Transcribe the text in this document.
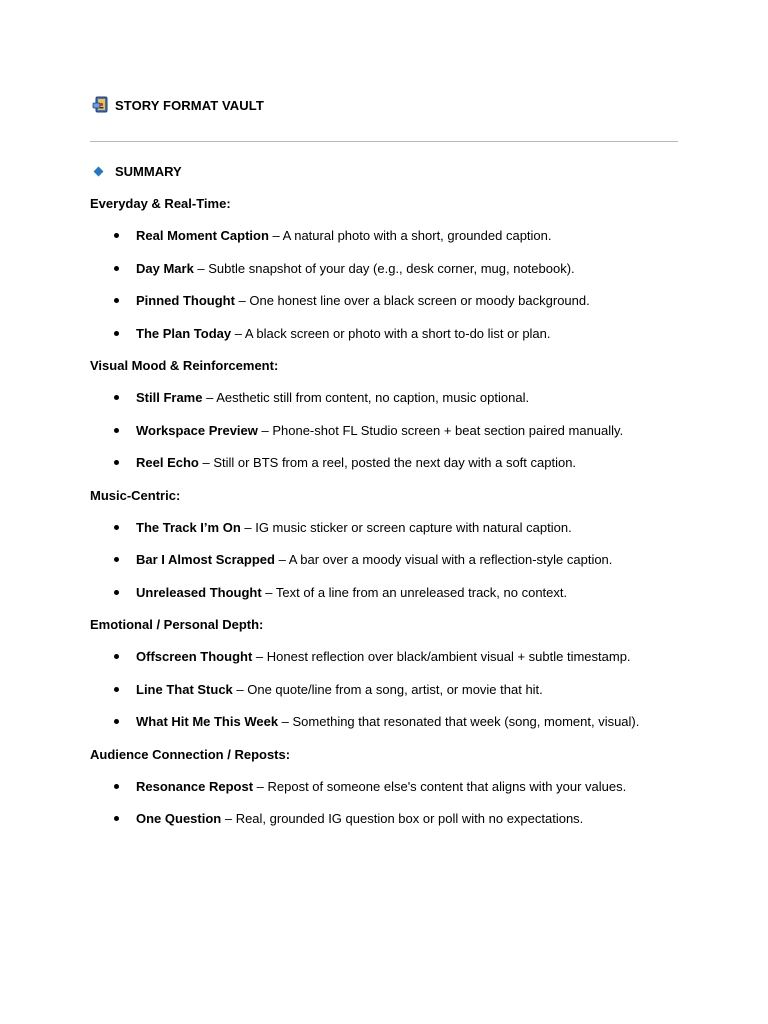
STORY FORMAT VAULT
SUMMARY
Everyday & Real-Time:
Real Moment Caption – A natural photo with a short, grounded caption.
Day Mark – Subtle snapshot of your day (e.g., desk corner, mug, notebook).
Pinned Thought – One honest line over a black screen or moody background.
The Plan Today – A black screen or photo with a short to-do list or plan.
Visual Mood & Reinforcement:
Still Frame – Aesthetic still from content, no caption, music optional.
Workspace Preview – Phone-shot FL Studio screen + beat section paired manually.
Reel Echo – Still or BTS from a reel, posted the next day with a soft caption.
Music-Centric:
The Track I’m On – IG music sticker or screen capture with natural caption.
Bar I Almost Scrapped – A bar over a moody visual with a reflection-style caption.
Unreleased Thought – Text of a line from an unreleased track, no context.
Emotional / Personal Depth:
Offscreen Thought – Honest reflection over black/ambient visual + subtle timestamp.
Line That Stuck – One quote/line from a song, artist, or movie that hit.
What Hit Me This Week – Something that resonated that week (song, moment, visual).
Audience Connection / Reposts:
Resonance Repost – Repost of someone else's content that aligns with your values.
One Question – Real, grounded IG question box or poll with no expectations.
